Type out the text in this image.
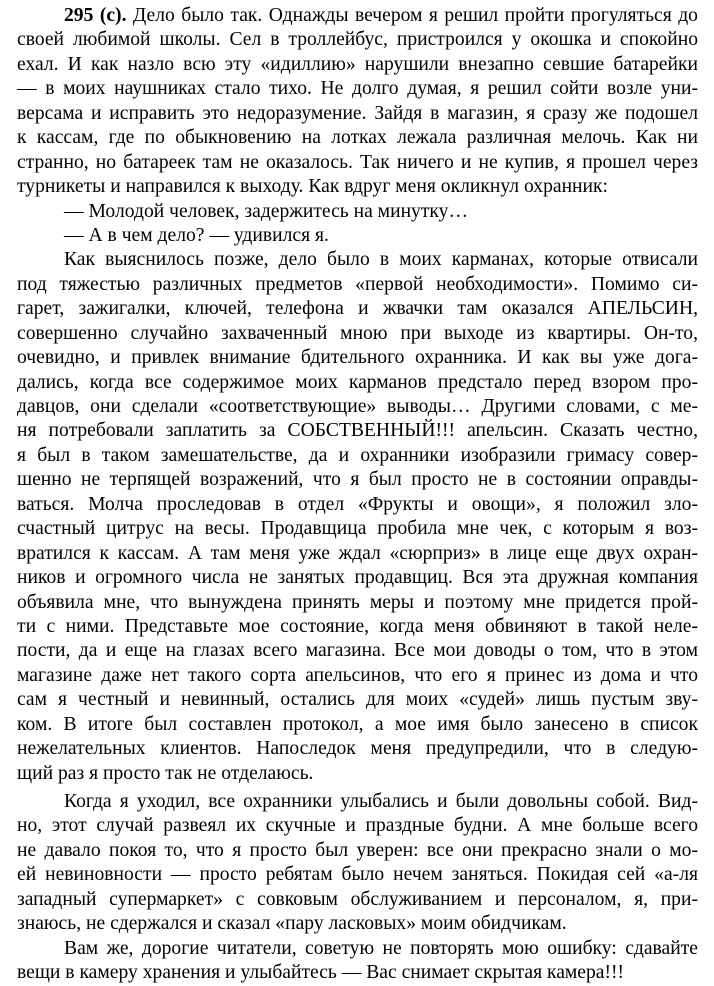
295 (с). Дело было так. Однажды вечером я решил пройти прогуляться до
своей любимой школы. Сел в троллейбус, пристроился у окошка и спокойно
ехал. И как назло всю эту «идиллию» нарушили внезапно севшие батарейки
— в моих наушниках стало тихо. Не долго думая, я решил сойти возле уни-
версама и исправить это недоразумение. Зайдя в магазин, я сразу же подошел
к кассам, где по обыкновению на лотках лежала различная мелочь. Как ни
странно, но батареек там не оказалось. Так ничего и не купив, я прошел через
турникеты и направился к выходу. Как вдруг меня окликнул охранник:
— Молодой человек, задержитесь на минутку…
— А в чем дело? — удивился я.
Как выяснилось позже, дело было в моих карманах, которые отвисали
под тяжестью различных предметов «первой необходимости». Помимо си-
гарет, зажигалки, ключей, телефона и жвачки там оказался АПЕЛЬСИН,
совершенно случайно захваченный мною при выходе из квартиры. Он-то,
очевидно, и привлек внимание бдительного охранника. И как вы уже дога-
дались, когда все содержимое моих карманов предстало перед взором про-
давцов, они сделали «соответствующие» выводы… Другими словами, с ме-
ня потребовали заплатить за СОБСТВЕННЫЙ!!! апельсин. Сказать честно,
я был в таком замешательстве, да и охранники изобразили гримасу совер-
шенно не терпящей возражений, что я был просто не в состоянии оправды-
ваться. Молча проследовав в отдел «Фрукты и овощи», я положил зло-
счастный цитрус на весы. Продавщица пробила мне чек, с которым я воз-
вратился к кассам. А там меня уже ждал «сюрприз» в лице еще двух охран-
ников и огромного числа не занятых продавщиц. Вся эта дружная компания
объявила мне, что вынуждена принять меры и поэтому мне придется прой-
ти с ними. Представьте мое состояние, когда меня обвиняют в такой неле-
пости, да и еще на глазах всего магазина. Все мои доводы о том, что в этом
магазине даже нет такого сорта апельсинов, что его я принес из дома и что
сам я честный и невинный, остались для моих «судей» лишь пустым зву-
ком. В итоге был составлен протокол, а мое имя было занесено в список
нежелательных клиентов. Напоследок меня предупредили, что в следую-
щий раз я просто так не отделаюсь.
Когда я уходил, все охранники улыбались и были довольны собой. Вид-
но, этот случай развеял их скучные и праздные будни. А мне больше всего
не давало покоя то, что я просто был уверен: все они прекрасно знали о мо-
ей невиновности — просто ребятам было нечем заняться. Покидая сей «а-ля
западный супермаркет» с совковым обслуживанием и персоналом, я, при-
знаюсь, не сдержался и сказал «пару ласковых» моим обидчикам.
Вам же, дорогие читатели, советую не повторять мою ошибку: сдавайте
вещи в камеру хранения и улыбайтесь — Вас снимает скрытая камера!!!
